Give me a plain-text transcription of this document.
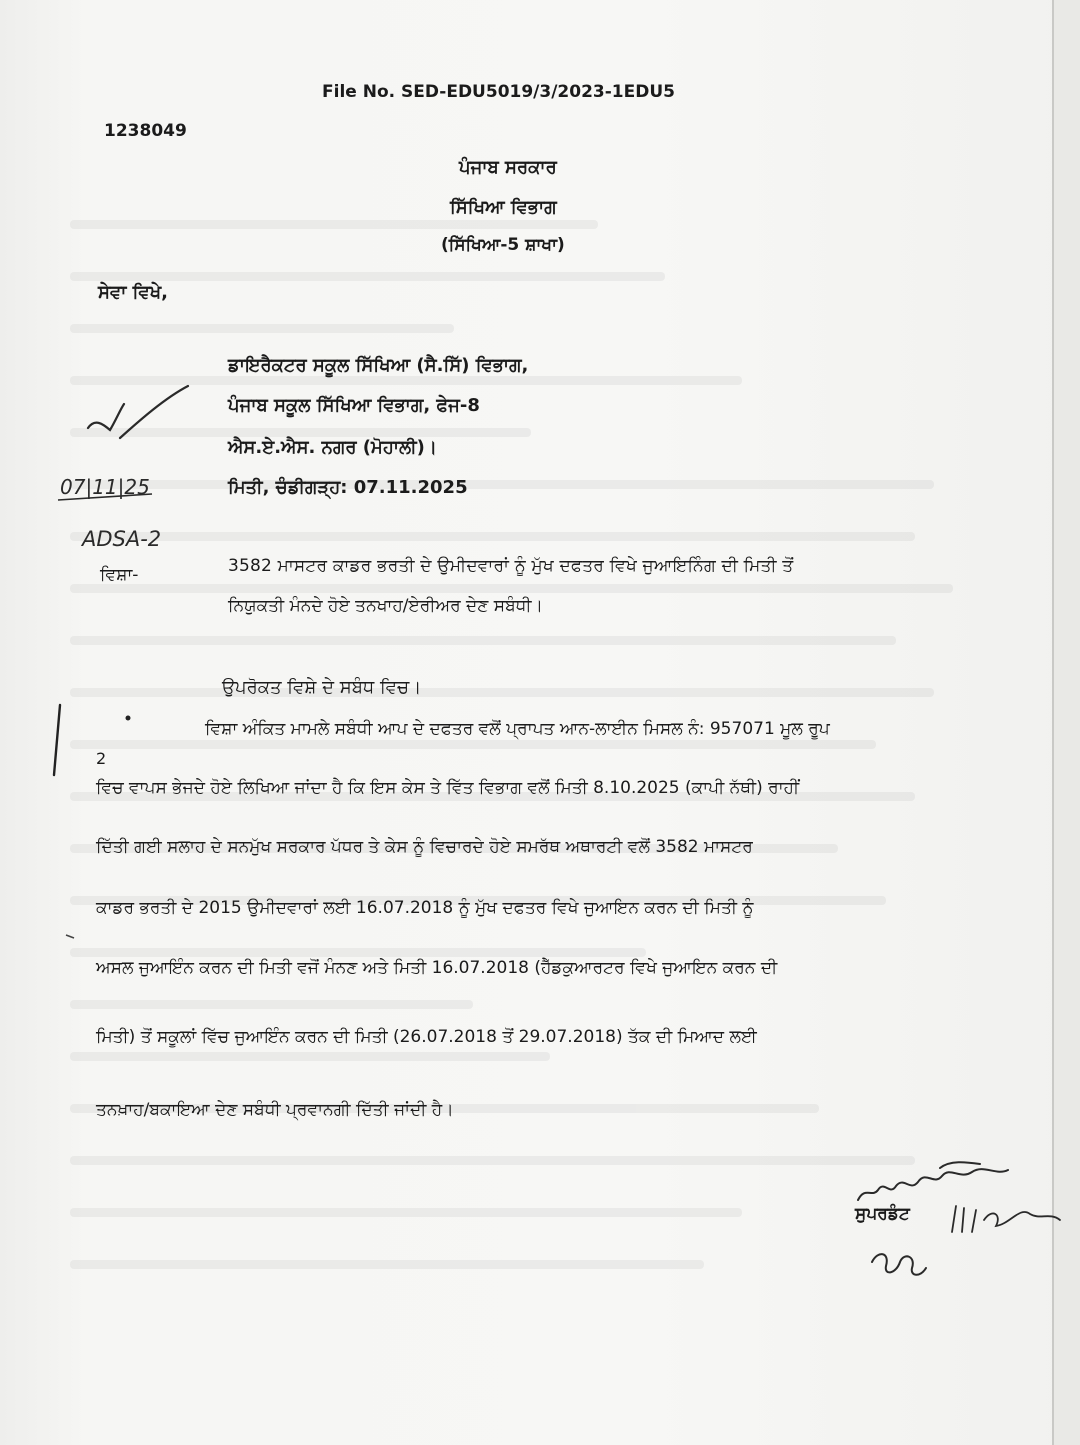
File No. SED-EDU5019/3/2023-1EDU5
1238049
ਪੰਜਾਬ ਸਰਕਾਰ
ਸਿੱਖਿਆ ਵਿਭਾਗ
(ਸਿੱਖਿਆ-5 ਸ਼ਾਖਾ)
ਸੇਵਾ ਵਿਖੇ,
ਡਾਇਰੈਕਟਰ ਸਕੂਲ ਸਿੱਖਿਆ (ਸੈ.ਸਿੱ) ਵਿਭਾਗ,
ਪੰਜਾਬ ਸਕੂਲ ਸਿੱਖਿਆ ਵਿਭਾਗ, ਫੇਜ-8
ਐਸ.ਏ.ਐਸ. ਨਗਰ (ਮੋਹਾਲੀ)।
ਮਿਤੀ, ਚੰਡੀਗੜ੍ਹ: 07.11.2025
07|11|25
ADSA-2
ਵਿਸ਼ਾ-	3582 ਮਾਸਟਰ ਕਾਡਰ ਭਰਤੀ ਦੇ ਉਮੀਦਵਾਰਾਂ ਨੂੰ ਮੁੱਖ ਦਫਤਰ ਵਿਖੇ ਜੁਆਇਨਿੰਗ ਦੀ ਮਿਤੀ ਤੋਂ
ਨਿਯੁਕਤੀ ਮੰਨਦੇ ਹੋਏ ਤਨਖਾਹ/ਏਰੀਅਰ ਦੇਣ ਸਬੰਧੀ।
ਉਪਰੋਕਤ ਵਿਸ਼ੇ ਦੇ ਸਬੰਧ ਵਿਚ।
2
ਵਿਸ਼ਾ ਅੰਕਿਤ ਮਾਮਲੇ ਸਬੰਧੀ ਆਪ ਦੇ ਦਫਤਰ ਵਲੋਂ ਪ੍ਰਾਪਤ ਆਨ-ਲਾਈਨ ਮਿਸਲ ਨੰ: 957071 ਮੂਲ ਰੂਪ
ਵਿਚ ਵਾਪਸ ਭੇਜਦੇ ਹੋਏ ਲਿਖਿਆ ਜਾਂਦਾ ਹੈ ਕਿ ਇਸ ਕੇਸ ਤੇ ਵਿੱਤ ਵਿਭਾਗ ਵਲੋਂ ਮਿਤੀ 8.10.2025 (ਕਾਪੀ ਨੱਥੀ) ਰਾਹੀਂ
ਦਿੱਤੀ ਗਈ ਸਲਾਹ ਦੇ ਸਨਮੁੱਖ ਸਰਕਾਰ ਪੱਧਰ ਤੇ ਕੇਸ ਨੂੰ ਵਿਚਾਰਦੇ ਹੋਏ ਸਮਰੱਥ ਅਥਾਰਟੀ ਵਲੋਂ 3582 ਮਾਸਟਰ
ਕਾਡਰ ਭਰਤੀ ਦੇ 2015 ਉਮੀਦਵਾਰਾਂ ਲਈ 16.07.2018 ਨੂੰ ਮੁੱਖ ਦਫਤਰ ਵਿਖੇ ਜੁਆਇਨ ਕਰਨ ਦੀ ਮਿਤੀ ਨੂੰ
ਅਸਲ ਜੁਆਇੰਨ ਕਰਨ ਦੀ ਮਿਤੀ ਵਜੋਂ ਮੰਨਣ ਅਤੇ ਮਿਤੀ 16.07.2018 (ਹੈੱਡਕੁਆਰਟਰ ਵਿਖੇ ਜੁਆਇਨ ਕਰਨ ਦੀ
ਮਿਤੀ) ਤੋਂ ਸਕੂਲਾਂ ਵਿੱਚ ਜੁਆਇੰਨ ਕਰਨ ਦੀ ਮਿਤੀ (26.07.2018 ਤੋਂ 29.07.2018) ਤੱਕ ਦੀ ਮਿਆਦ ਲਈ
ਤਨਖ਼ਾਹ/ਬਕਾਇਆ ਦੇਣ ਸਬੰਧੀ ਪ੍ਰਵਾਨਗੀ ਦਿੱਤੀ ਜਾਂਦੀ ਹੈ।
ਸੁਪਰਡੰਟ
